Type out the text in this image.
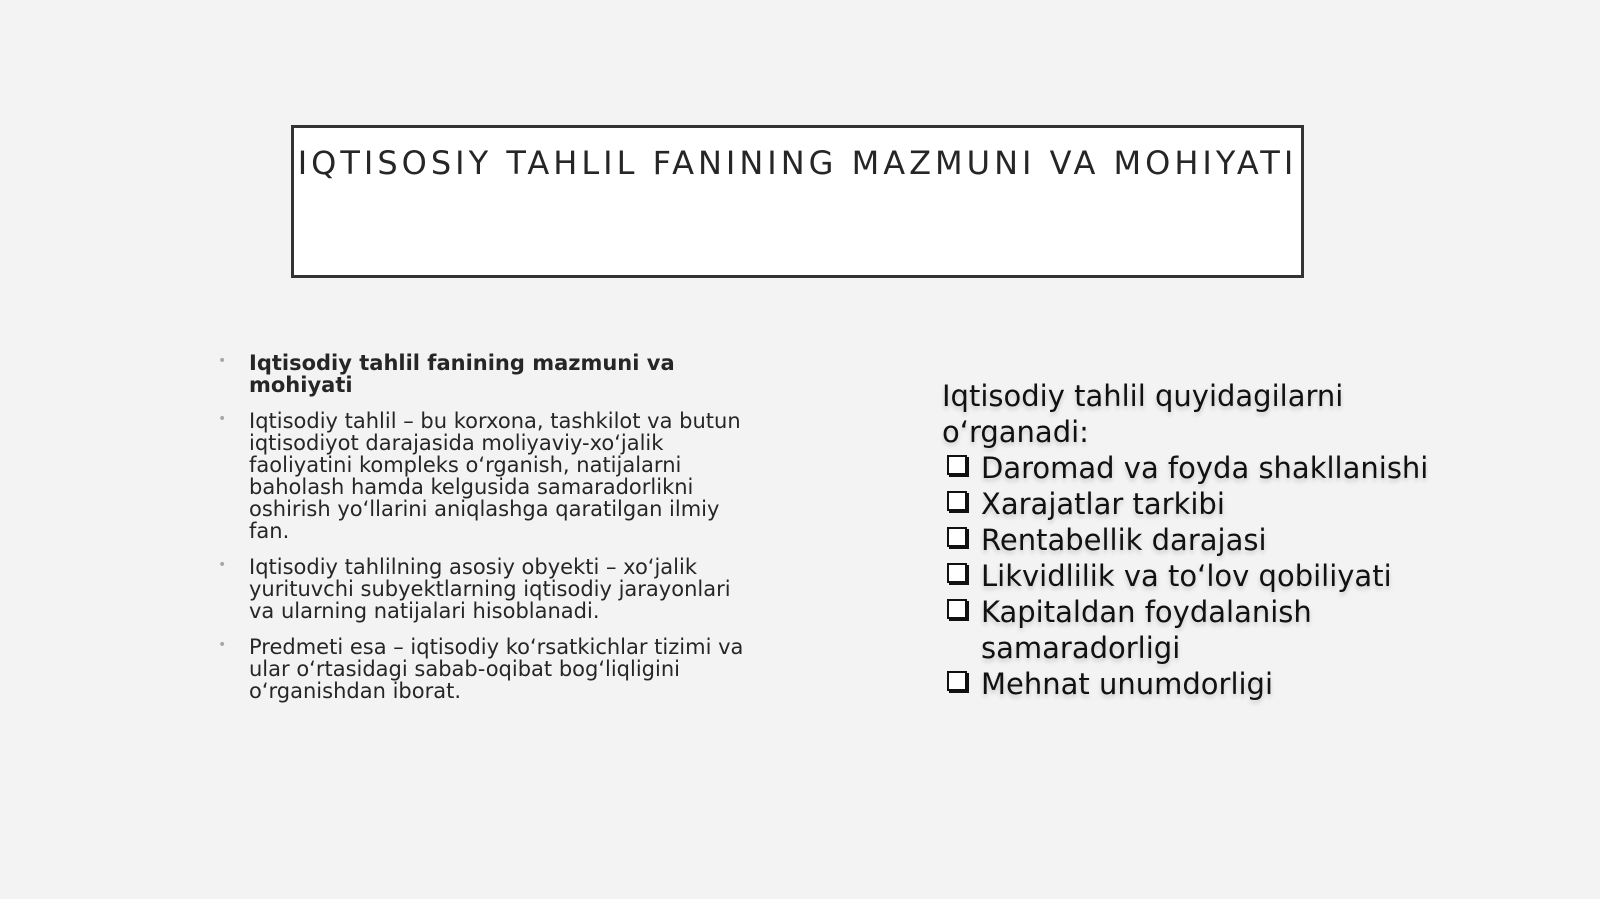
IQTISOSIY TAHLIL FANINING MAZMUNI VA MOHIYATI
• Iqtisodiy tahlil fanining mazmuni va mohiyati
• Iqtisodiy tahlil – bu korxona, tashkilot va butun iqtisodiyot darajasida moliyaviy-xo‘jalik faoliyatini kompleks o‘rganish, natijalarni baholash hamda kelgusida samaradorlikni oshirish yo‘llarini aniqlashga qaratilgan ilmiy fan.
• Iqtisodiy tahlilning asosiy obyekti – xo‘jalik yurituvchi subyektlarning iqtisodiy jarayonlari va ularning natijalari hisoblanadi.
• Predmeti esa – iqtisodiy ko‘rsatkichlar tizimi va ular o‘rtasidagi sabab-oqibat bog‘liqligini o‘rganishdan iborat.

Iqtisodiy tahlil quyidagilarni o‘rganadi:

Daromad va foyda shakllanishi
Xarajatlar tarkibi
Rentabellik darajasi
Likvidlilik va to‘lov qobiliyati
Kapitaldan foydalanish samaradorligi
Mehnat unumdorligi
